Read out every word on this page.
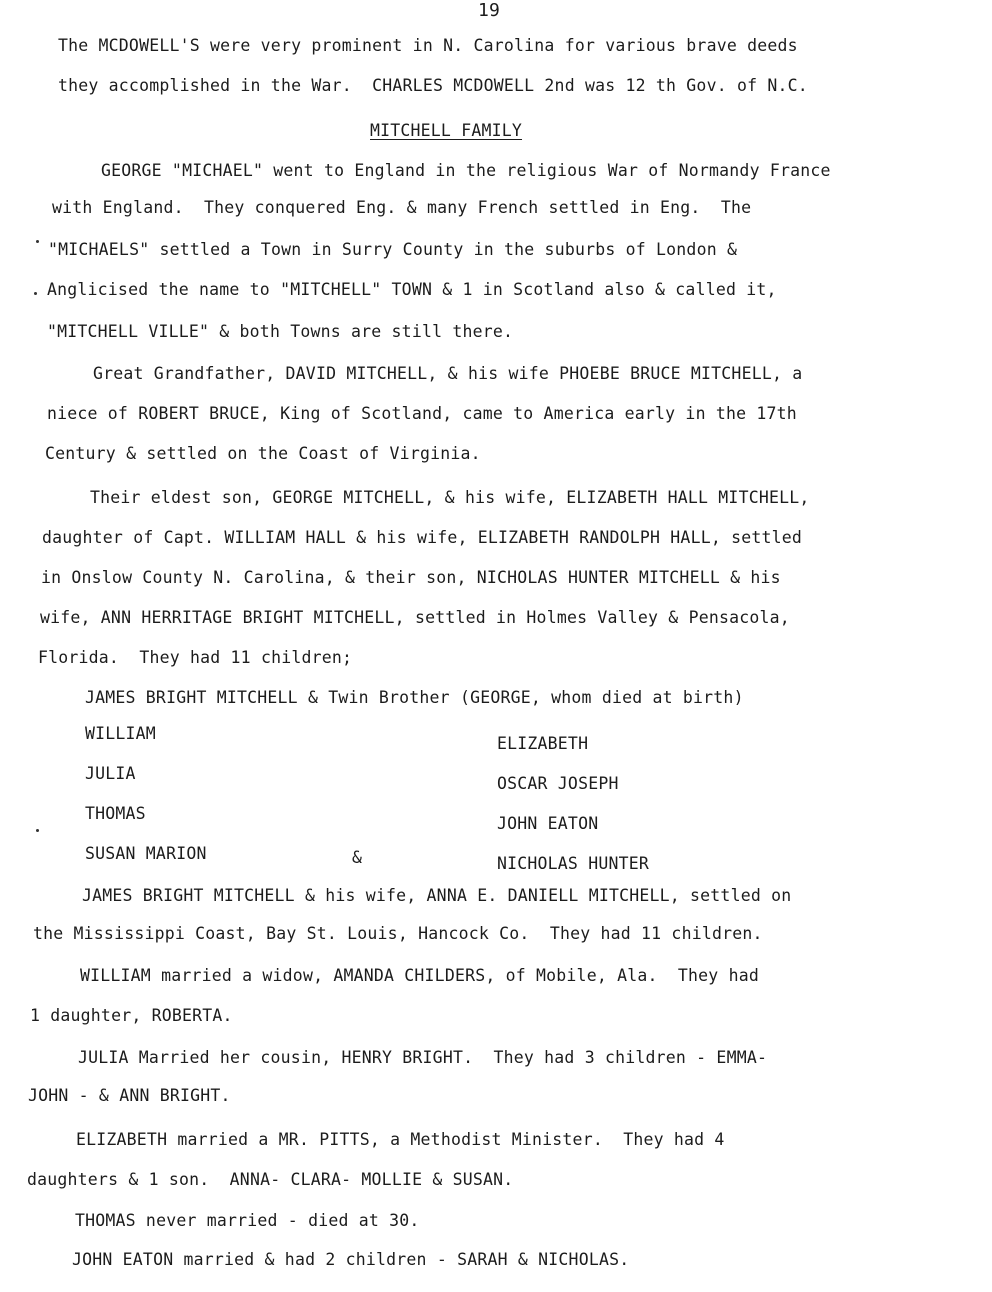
19

The MCDOWELL'S were very prominent in N. Carolina for various brave deeds

they accomplished in the War.  CHARLES MCDOWELL 2nd was 12 th Gov. of N.C.

MITCHELL FAMILY

GEORGE "MICHAEL" went to England in the religious War of Normandy France

with England.  They conquered Eng. & many French settled in Eng.  The

"MICHAELS" settled a Town in Surry County in the suburbs of London &

Anglicised the name to "MITCHELL" TOWN & 1 in Scotland also & called it,

"MITCHELL VILLE" & both Towns are still there.

Great Grandfather, DAVID MITCHELL, & his wife PHOEBE BRUCE MITCHELL, a

niece of ROBERT BRUCE, King of Scotland, came to America early in the 17th

Century & settled on the Coast of Virginia.

Their eldest son, GEORGE MITCHELL, & his wife, ELIZABETH HALL MITCHELL,

daughter of Capt. WILLIAM HALL & his wife, ELIZABETH RANDOLPH HALL, settled

in Onslow County N. Carolina, & their son, NICHOLAS HUNTER MITCHELL & his

wife, ANN HERRITAGE BRIGHT MITCHELL, settled in Holmes Valley & Pensacola,

Florida.  They had 11 children;

JAMES BRIGHT MITCHELL & Twin Brother (GEORGE, whom died at birth)

WILLIAM

ELIZABETH

JULIA

OSCAR JOSEPH

THOMAS

JOHN EATON

SUSAN MARION	&	NICHOLAS HUNTER

JAMES BRIGHT MITCHELL & his wife, ANNA E. DANIELL MITCHELL, settled on

the Mississippi Coast, Bay St. Louis, Hancock Co.  They had 11 children.

WILLIAM married a widow, AMANDA CHILDERS, of Mobile, Ala.  They had

1 daughter, ROBERTA.

JULIA Married her cousin, HENRY BRIGHT.  They had 3 children - EMMA-

JOHN - & ANN BRIGHT.

ELIZABETH married a MR. PITTS, a Methodist Minister.  They had 4

daughters & 1 son.  ANNA- CLARA- MOLLIE & SUSAN.

THOMAS never married - died at 30.

JOHN EATON married & had 2 children - SARAH & NICHOLAS.
